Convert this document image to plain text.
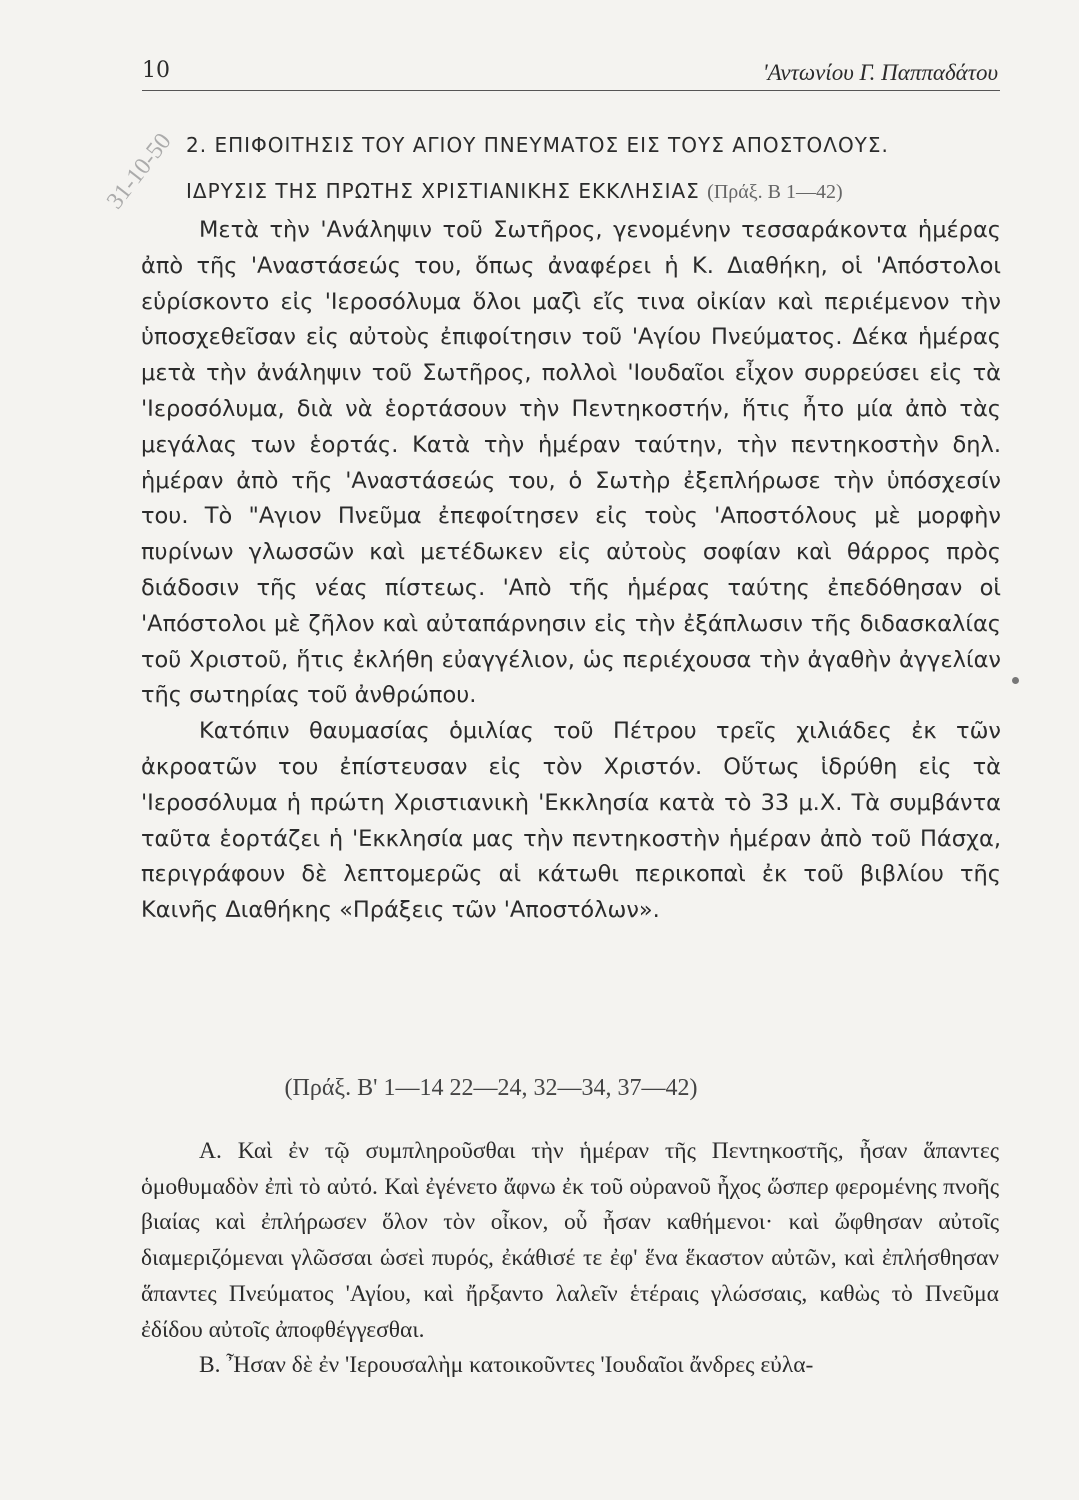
10	'Αντωνίου Γ. Παππαδάτου
31-10-50 2. ΕΠΙΦΟΙΤΗΣΙΣ ΤΟΥ ΑΓΙΟΥ ΠΝΕΥΜΑΤΟΣ ΕΙΣ ΤΟΥΣ ΑΠΟΣΤΟΛΟΥΣ.
ΙΔΡΥΣΙΣ ΤΗΣ ΠΡΩΤΗΣ ΧΡΙΣΤΙΑΝΙΚΗΣ ΕΚΚΛΗΣΙΑΣ (Πράξ. Β 1—42)

Μετὰ τὴν 'Ανάληψιν τοῦ Σωτῆρος, γενομένην τεσσαράκοντα ἡμέρας ἀπὸ τῆς 'Αναστάσεώς του, ὅπως ἀναφέρει ἡ Κ. Διαθήκη, οἱ 'Απόστολοι εὑρίσκοντο εἰς 'Ιεροσόλυμα ὅλοι μαζὶ εἴς τινα οἰκίαν καὶ περιέμενον τὴν ὑποσχεθεῖσαν εἰς αὐτοὺς ἐπιφοίτησιν τοῦ 'Αγίου Πνεύματος. Δέκα ἡμέρας μετὰ τὴν ἀνάληψιν τοῦ Σωτῆρος, πολλοὶ 'Ιουδαῖοι εἶχον συρρεύσει εἰς τὰ 'Ιεροσόλυμα, διὰ νὰ ἑορτάσουν τὴν Πεντηκοστήν, ἥτις ἦτο μία ἀπὸ τὰς μεγάλας των ἑορτάς. Κατὰ τὴν ἡμέραν ταύτην, τὴν πεντηκοστὴν δηλ. ἡμέραν ἀπὸ τῆς 'Αναστάσεώς του, ὁ Σωτὴρ ἐξεπλήρωσε τὴν ὑπόσχεσίν του. Τὸ "Αγιον Πνεῦμα ἐπεφοίτησεν εἰς τοὺς 'Αποστόλους μὲ μορφὴν πυρίνων γλωσσῶν καὶ μετέδωκεν εἰς αὐτοὺς σοφίαν καὶ θάρρος πρὸς διάδοσιν τῆς νέας πίστεως. 'Απὸ τῆς ἡμέρας ταύτης ἐπεδόθησαν οἱ 'Απόστολοι μὲ ζῆλον καὶ αὐταπάρνησιν εἰς τὴν ἐξάπλωσιν τῆς διδασκαλίας τοῦ Χριστοῦ, ἥτις ἐκλήθη εὐαγγέλιον, ὡς περιέχουσα τὴν ἀγαθὴν ἀγγελίαν τῆς σωτηρίας τοῦ ἀνθρώπου.

Κατόπιν θαυμασίας ὁμιλίας τοῦ Πέτρου τρεῖς χιλιάδες ἐκ τῶν ἀκροατῶν του ἐπίστευσαν εἰς τὸν Χριστόν. Οὕτως ἱδρύθη εἰς τὰ 'Ιεροσόλυμα ἡ πρώτη Χριστιανικὴ 'Εκκλησία κατὰ τὸ 33 μ.Χ. Τὰ συμβάντα ταῦτα ἑορτάζει ἡ 'Εκκλησία μας τὴν πεντηκοστὴν ἡμέραν ἀπὸ τοῦ Πάσχα, περιγράφουν δὲ λεπτομερῶς αἱ κάτωθι περικοπαὶ ἐκ τοῦ βιβλίου τῆς Καινῆς Διαθήκης «Πράξεις τῶν 'Αποστόλων».

(Πράξ. Β' 1—14 22—24, 32—34, 37—42)

Α. Καὶ ἐν τῷ συμπληροῦσθαι τὴν ἡμέραν τῆς Πεντηκοστῆς, ἦσαν ἅπαντες ὁμοθυμαδὸν ἐπὶ τὸ αὐτό. Καὶ ἐγένετο ἄφνω ἐκ τοῦ οὐρανοῦ ἦχος ὥσπερ φερομένης πνοῆς βιαίας καὶ ἐπλήρωσεν ὅλον τὸν οἶκον, οὗ ἦσαν καθήμενοι· καὶ ὤφθησαν αὐτοῖς διαμεριζόμεναι γλῶσσαι ὡσεὶ πυρός, ἐκάθισέ τε ἐφ' ἕνα ἕκαστον αὐτῶν, καὶ ἐπλήσθησαν ἅπαντες Πνεύματος 'Αγίου, καὶ ἤρξαντο λαλεῖν ἑτέραις γλώσσαις, καθὼς τὸ Πνεῦμα ἐδίδου αὐτοῖς ἀποφθέγγεσθαι.

Β. Ἦσαν δὲ ἐν 'Ιερουσαλὴμ κατοικοῦντες 'Ιουδαῖοι ἄνδρες εὐλα-
